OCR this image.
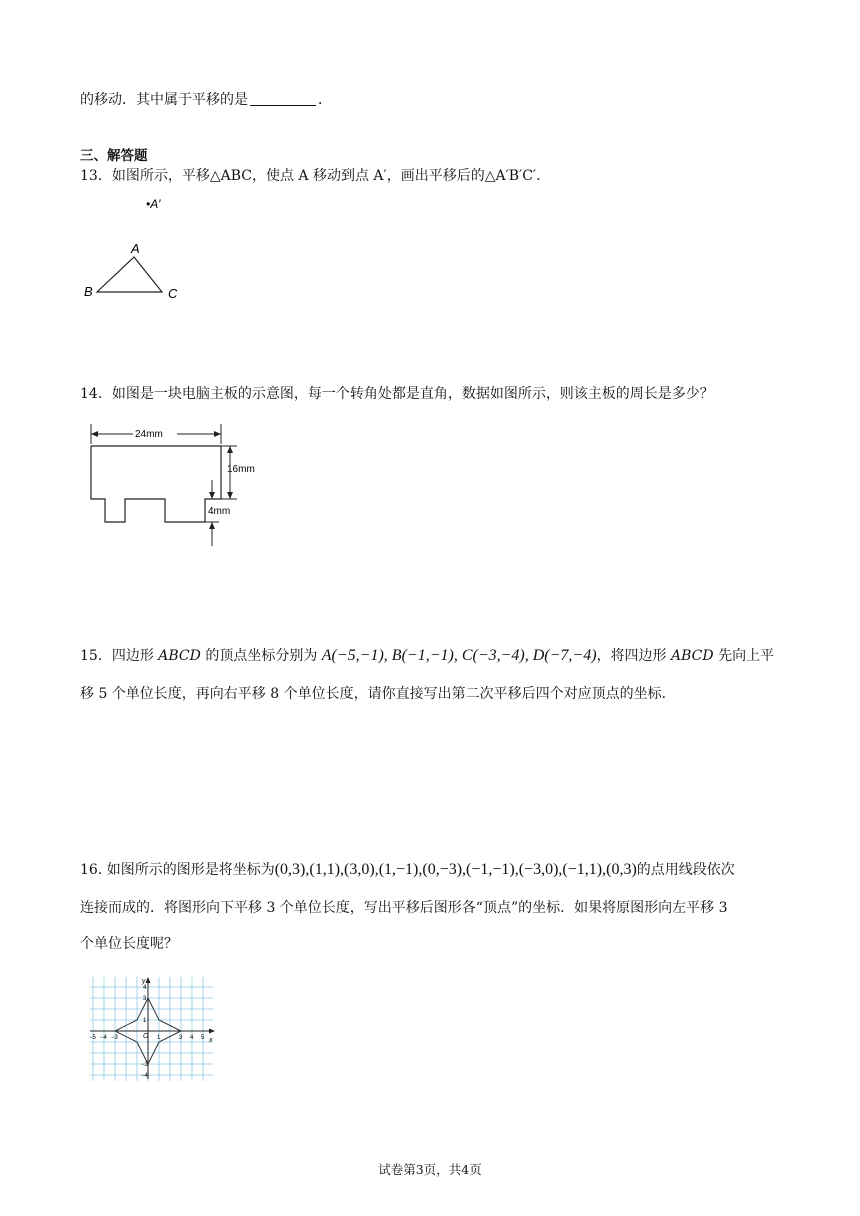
的移动．其中属于平移的是	．
三、解答题
13．如图所示，平移△ABC，使点 A 移动到点 A′，画出平移后的△A′B′C′．
•A′
A
B	C
14．如图是一块电脑主板的示意图，每一个转角处都是直角，数据如图所示，则该主板的周长是多少？
24mm
16mm
4mm
15．四边形 ABCD 的顶点坐标分别为 A(−5,−1), B(−1,−1), C(−3,−4), D(−7,−4)，将四边形 ABCD 先向上平
移 5 个单位长度，再向右平移 8 个单位长度，请你直接写出第二次平移后四个对应顶点的坐标．
16. 如图所示的图形是将坐标为(0,3),(1,1),(3,0),(1,−1),(0,−3),(−1,−1),(−3,0),(−1,1),(0,3)的点用线段依次
连接而成的．将图形向下平移 3 个单位长度，写出平移后图形各“顶点”的坐标．如果将原图形向左平移 3
个单位长度呢？
x
y
O
−5 −4 −3	1	3 4 5
4
3
1
−3
−4
试卷第3页，共4页
